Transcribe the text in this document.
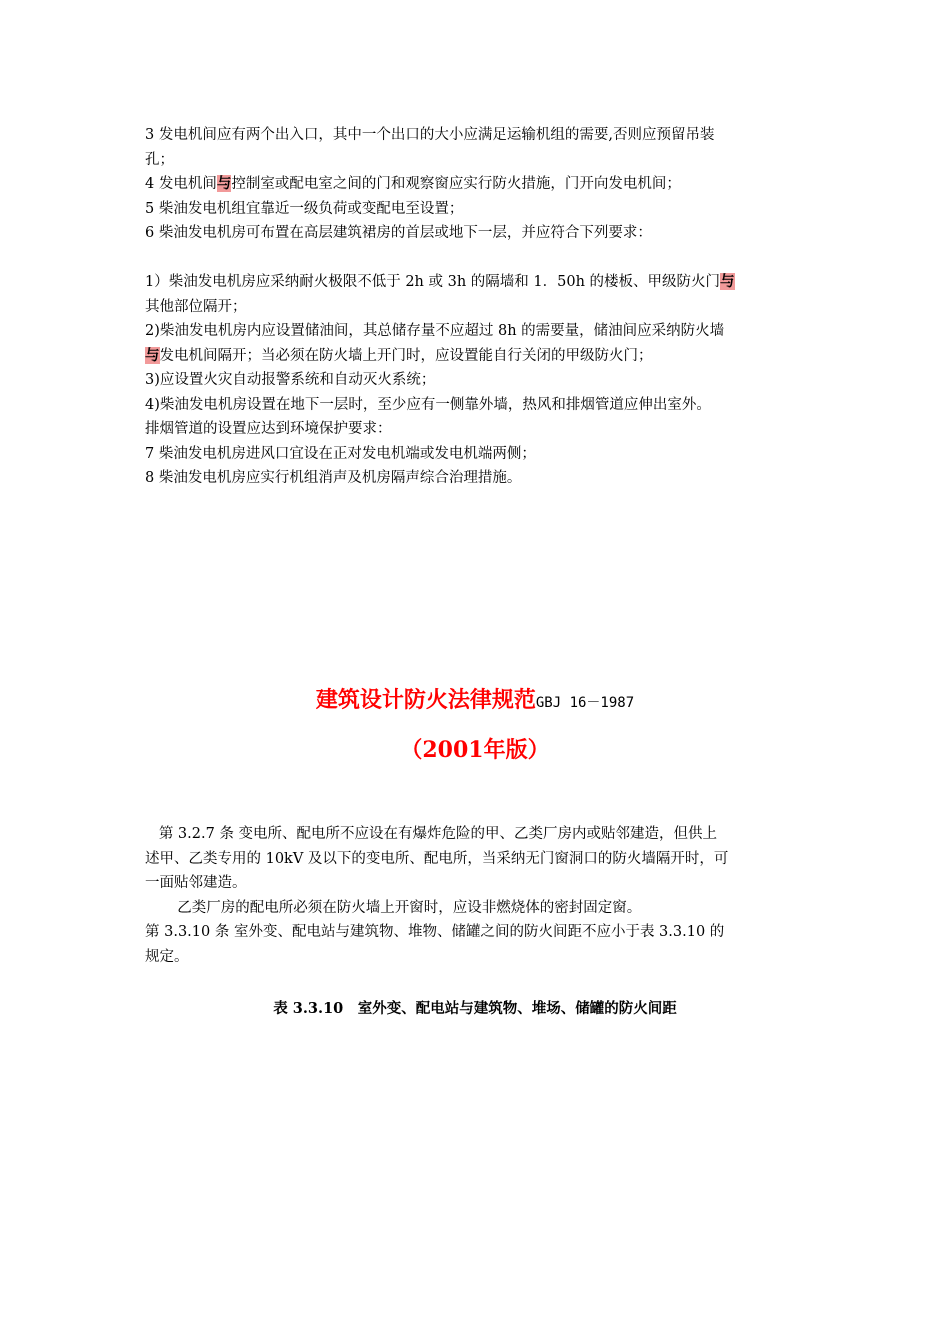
3 发电机间应有两个出入口，其中一个出口的大小应满足运输机组的需要,否则应预留吊装
孔；
4 发电机间与控制室或配电室之间的门和观察窗应实行防火措施，门开向发电机间；
5 柴油发电机组宜靠近一级负荷或变配电至设置；
6 柴油发电机房可布置在高层建筑裙房的首层或地下一层，并应符合下列要求：
1）柴油发电机房应采纳耐火极限不低于 2h 或 3h 的隔墙和 1．50h 的楼板、甲级防火门与
其他部位隔开；
2)柴油发电机房内应设置储油间，其总储存量不应超过 8h 的需要量，储油间应采纳防火墙
与发电机间隔开；当必须在防火墙上开门时，应设置能自行关闭的甲级防火门；
3)应设置火灾自动报警系统和自动灭火系统；
4)柴油发电机房设置在地下一层时，至少应有一侧靠外墙，热风和排烟管道应伸出室外。
排烟管道的设置应达到环境保护要求：
7 柴油发电机房进风口宜设在正对发电机端或发电机端两侧；
8 柴油发电机房应实行机组消声及机房隔声综合治理措施。
建筑设计防火法律规范GBJ 16－1987
（2001年版）
第 3.2.7 条 变电所、配电所不应设在有爆炸危险的甲、乙类厂房内或贴邻建造，但供上
述甲、乙类专用的 10kV 及以下的变电所、配电所，当采纳无门窗洞口的防火墙隔开时，可
一面贴邻建造。
乙类厂房的配电所必须在防火墙上开窗时，应设非燃烧体的密封固定窗。
第 3.3.10 条 室外变、配电站与建筑物、堆物、储罐之间的防火间距不应小于表 3.3.10 的
规定。
表 3.3.10　室外变、配电站与建筑物、堆场、储罐的防火间距
